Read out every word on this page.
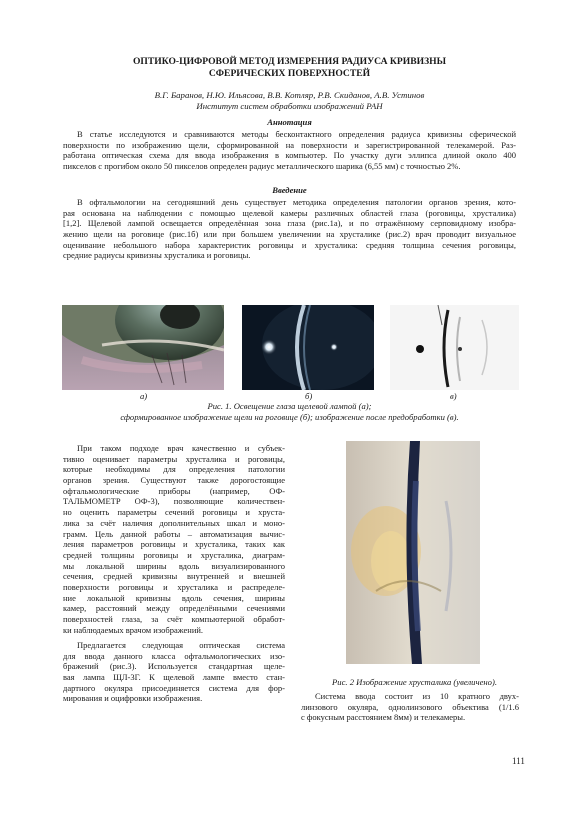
ОПТИКО-ЦИФРОВОЙ МЕТОД ИЗМЕРЕНИЯ РАДИУСА КРИВИЗНЫ
СФЕРИЧЕСКИХ ПОВЕРХНОСТЕЙ
В.Г. Баранов, Н.Ю. Ильясова, В.В. Котляр, Р.В. Скиданов, А.В. Устинов
Институт систем обработки изображений РАН
Аннотация
В статье исследуются и сравниваются методы бесконтактного определения радиуса кривизны сферической
поверхности по изображению щели, сформированной на поверхности и зарегистрированной телекамерой. Раз-
работана оптическая схема для ввода изображения в компьютер. По участку дуги эллипса длиной около 400
пикселов с прогибом около 50 пикселов определен радиус металлического шарика (6,55 мм) с точностью 2%.
Введение
В офтальмологии на сегодняшний день существует методика определения патологии органов зрения, кото-
рая основана на наблюдении с помощью щелевой камеры различных областей глаза (роговицы, хрусталика)
[1,2]. Щелевой лампой освещается определённая зона глаза (рис.1а), и по отражённому серповидному изобра-
жению щели на роговице (рис.1б) или при большем увеличении на хрусталике (рис.2) врач проводит визуальное
оценивание небольшого набора характеристик роговицы и хрусталика: средняя толщина сечения роговицы,
средние радиусы кривизны хрусталика и роговицы.
а)	б)	в)
Рис. 1. Освещение глаза щелевой лампой (а);
сформированное изображение щели на роговице (б); изображение после предобработки (в).
При таком подходе врач качественно и субъек-
тивно оценивает параметры хрусталика и роговицы,
которые необходимы для определения патологии
органов зрения. Существуют также дорогостоящие
офтальмологические приборы (например, ОФ-
ТАЛЬМОМЕТР ОФ-3), позволяющие количествен-
но оценить параметры сечений роговицы и хруста-
лика за счёт наличия дополнительных шкал и моно-
грамм. Цель данной работы – автоматизация вычис-
ления параметров роговицы и хрусталика, таких как
средней толщины роговицы и хрусталика, диаграм-
мы локальной ширины вдоль визуализированного
сечения, средней кривизны внутренней и внешней
поверхности роговицы и хрусталика и распределе-
ние локальной кривизны вдоль сечения, ширины
камер, расстояний между определёнными сечениями
поверхностей глаза, за счёт компьютерной обработ-
ки наблюдаемых врачом изображений.
Предлагается следующая оптическая система
для ввода данного класса офтальмологических изо-
бражений (рис.3). Используется стандартная щеле-
вая лампа ЩЛ-3Г. К щелевой лампе вместо стан-
дартного окуляра присоединяется система для фор-
мирования и оцифровки изображения.
Рис. 2 Изображение хрусталика (увеличено).
Система ввода состоит из 10 кратного двух-
линзового окуляра, однолинзового объектива (1/1.6
с фокусным расстоянием 8мм) и телекамеры.
111
